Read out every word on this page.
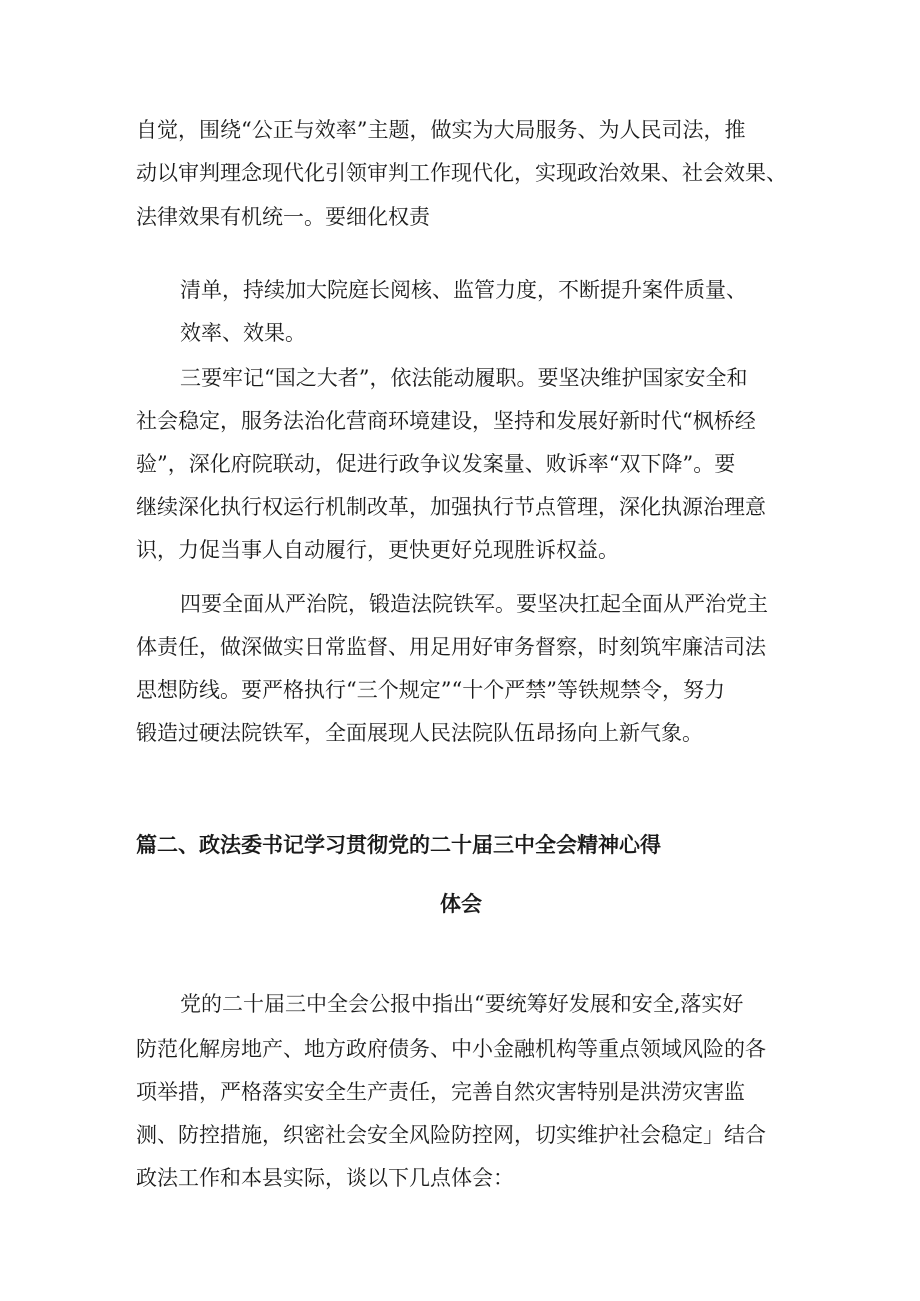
自觉，围绕“公正与效率”主题，做实为大局服务、为人民司法，推

动以审判理念现代化引领审判工作现代化，实现政治效果、社会效果、

法律效果有机统一。要细化权责

清单，持续加大院庭长阅核、监管力度，不断提升案件质量、

效率、效果。

三要牢记“国之大者”，依法能动履职。要坚决维护国家安全和

社会稳定，服务法治化营商环境建设，坚持和发展好新时代“枫桥经

验”，深化府院联动，促进行政争议发案量、败诉率“双下降”。要

继续深化执行权运行机制改革，加强执行节点管理，深化执源治理意

识，力促当事人自动履行，更快更好兑现胜诉权益。

四要全面从严治院，锻造法院铁军。要坚决扛起全面从严治党主

体责任，做深做实日常监督、用足用好审务督察，时刻筑牢廉洁司法

思想防线。要严格执行“三个规定”“十个严禁”等铁规禁令，努力

锻造过硬法院铁军，全面展现人民法院队伍昂扬向上新气象。

篇二、政法委书记学习贯彻党的二十届三中全会精神心得
体会

党的二十届三中全会公报中指出“要统筹好发展和安全,落实好

防范化解房地产、地方政府债务、中小金融机构等重点领域风险的各

项举措，严格落实安全生产责任，完善自然灾害特别是洪涝灾害监

测、防控措施，织密社会安全风险防控网，切实维护社会稳定」结合

政法工作和本县实际，谈以下几点体会：
